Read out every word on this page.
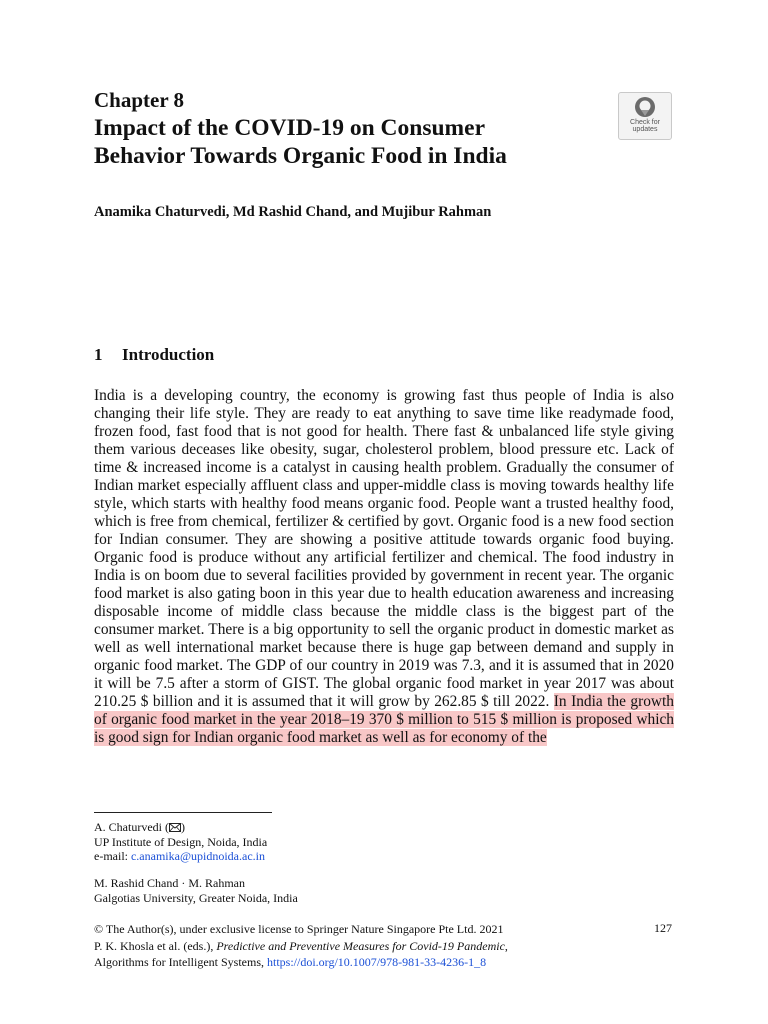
Chapter 8
Impact of the COVID-19 on Consumer
Behavior Towards Organic Food in India
Check for
updates
Anamika Chaturvedi, Md Rashid Chand, and Mujibur Rahman
1 Introduction

India is a developing country, the economy is growing fast thus people of India is also changing their life style. They are ready to eat anything to save time like readymade food, frozen food, fast food that is not good for health. There fast & unbalanced life style giving them various deceases like obesity, sugar, cholesterol problem, blood pressure etc. Lack of time & increased income is a catalyst in causing health problem. Gradually the consumer of Indian market especially affluent class and upper-middle class is moving towards healthy life style, which starts with healthy food means organic food. People want a trusted healthy food, which is free from chemical, fertilizer & certified by govt. Organic food is a new food section for Indian consumer. They are showing a positive attitude towards organic food buying. Organic food is produce without any artificial fertilizer and chemical. The food industry in India is on boom due to several facilities provided by government in recent year. The organic food market is also gating boon in this year due to health education awareness and increasing disposable income of middle class because the middle class is the biggest part of the consumer market. There is a big opportunity to sell the organic product in domestic market as well as well international market because there is huge gap between demand and supply in organic food market. The GDP of our country in 2019 was 7.3, and it is assumed that in 2020 it will be 7.5 after a storm of GIST. The global organic food market in year 2017 was about 210.25 $ billion and it is assumed that it will grow by 262.85 $ till 2022. In India the growth of organic food market in the year 2018–19 370 $ million to 515 $ million is proposed which is good sign for Indian organic food market as well as for economy of the

A. Chaturvedi ( )
UP Institute of Design, Noida, India
e-mail: c.anamika@upidnoida.ac.in
M. Rashid Chand · M. Rahman
Galgotias University, Greater Noida, India
© The Author(s), under exclusive license to Springer Nature Singapore Pte Ltd. 2021
P. K. Khosla et al. (eds.), Predictive and Preventive Measures for Covid-19 Pandemic,
Algorithms for Intelligent Systems, https://doi.org/10.1007/978-981-33-4236-1_8
127
